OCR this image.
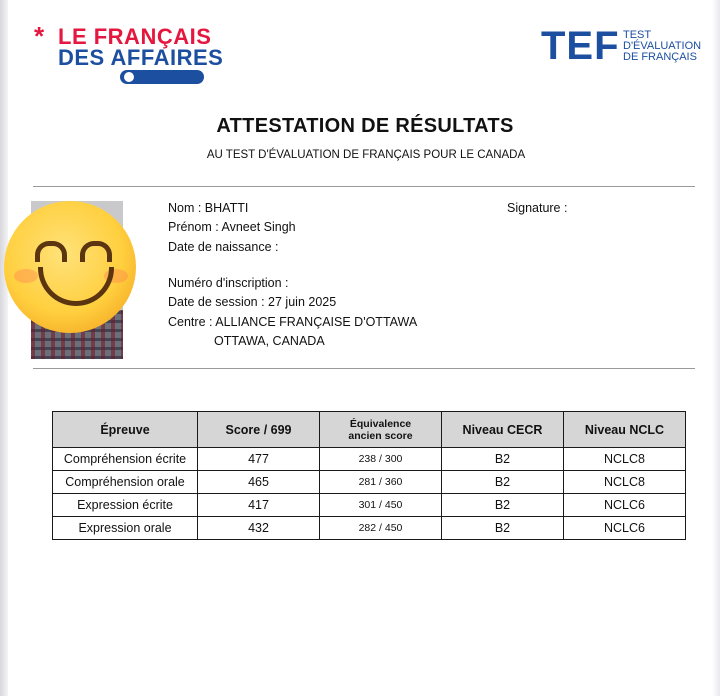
* LE FRANÇAIS
DES AFFAIRES	TEF TEST
D'ÉVALUATION
DE FRANÇAIS
ATTESTATION DE RÉSULTATS
AU TEST D'ÉVALUATION DE FRANÇAIS POUR LE CANADA
Nom : BHATTI
Prénom : Avneet Singh
Date de naissance :
Numéro d'inscription :
Date de session : 27 juin 2025
Centre : ALLIANCE FRANÇAISE D'OTTAWA
OTTAWA, CANADA
Signature :
Épreuve	Score / 699	Équivalence ancien score	Niveau CECR	Niveau NCLC
Compréhension écrite	477	238 / 300	B2	NCLC8
Compréhension orale	465	281 / 360	B2	NCLC8
Expression écrite	417	301 / 450	B2	NCLC6
Expression orale	432	282 / 450	B2	NCLC6
